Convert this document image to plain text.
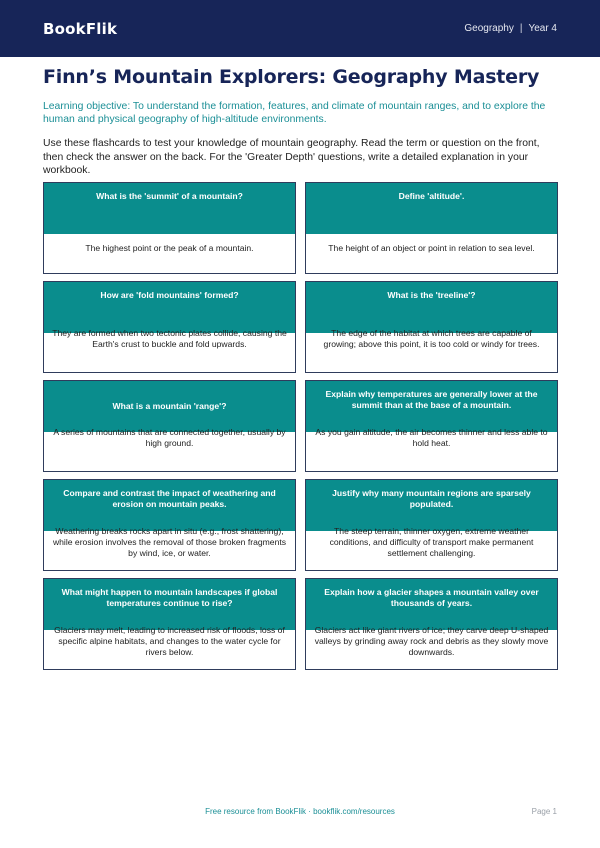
BookFlik	Geography | Year 4
Finn’s Mountain Explorers: Geography Mastery

Learning objective: To understand the formation, features, and climate of mountain ranges, and to explore the human and physical geography of high-altitude environments.

Use these flashcards to test your knowledge of mountain geography. Read the term or question on the front, then check the answer on the back. For the 'Greater Depth' questions, write a detailed explanation in your workbook.

What is the 'summit' of a mountain?
The highest point or the peak of a mountain.
Define 'altitude'.
The height of an object or point in relation to sea level.
How are 'fold mountains' formed?
They are formed when two tectonic plates collide, causing the Earth's crust to buckle and fold upwards.
What is the 'treeline'?
The edge of the habitat at which trees are capable of growing; above this point, it is too cold or windy for trees.
What is a mountain 'range'?
A series of mountains that are connected together, usually by high ground.
Explain why temperatures are generally lower at the summit than at the base of a mountain.
As you gain altitude, the air becomes thinner and less able to hold heat.
Compare and contrast the impact of weathering and erosion on mountain peaks.
Weathering breaks rocks apart in situ (e.g., frost shattering), while erosion involves the removal of those broken fragments by wind, ice, or water.
Justify why many mountain regions are sparsely populated.
The steep terrain, thinner oxygen, extreme weather conditions, and difficulty of transport make permanent settlement challenging.
What might happen to mountain landscapes if global temperatures continue to rise?
Glaciers may melt, leading to increased risk of floods, loss of specific alpine habitats, and changes to the water cycle for rivers below.
Explain how a glacier shapes a mountain valley over thousands of years.
Glaciers act like giant rivers of ice; they carve deep U-shaped valleys by grinding away rock and debris as they slowly move downwards.
Free resource from BookFlik · bookflik.com/resources	Page 1
